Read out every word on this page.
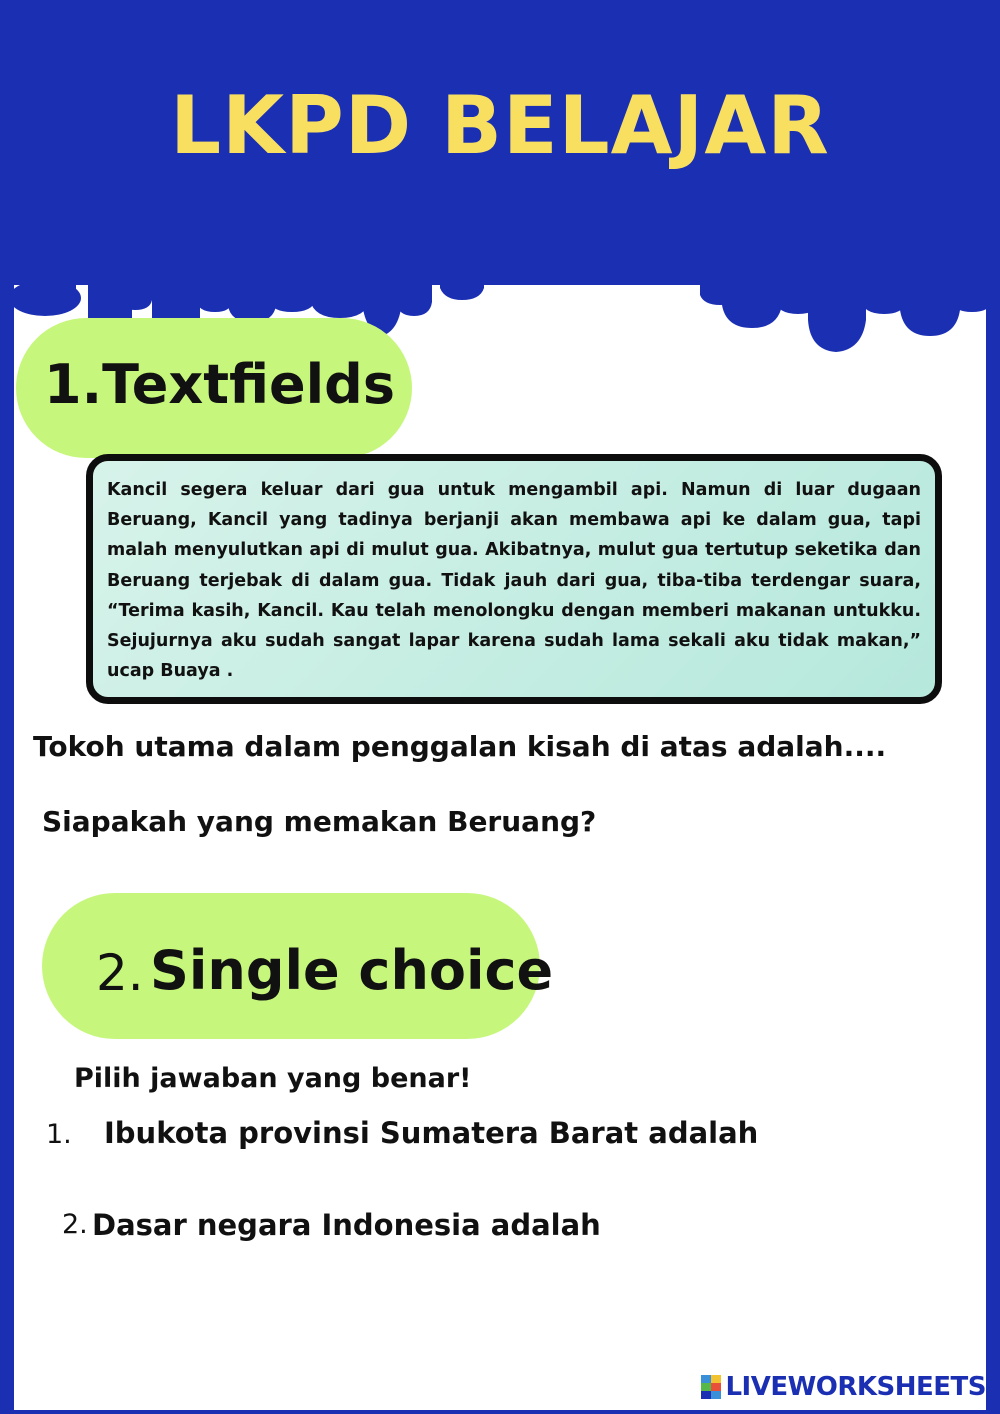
LKPD BELAJAR
1.Textfields

Kancil segera keluar dari gua untuk mengambil api. Namun di luar dugaan Beruang, Kancil yang tadinya berjanji akan membawa api ke dalam gua, tapi malah menyulutkan api di mulut gua. Akibatnya, mulut gua tertutup seketika dan Beruang terjebak di dalam gua. Tidak jauh dari gua, tiba-tiba terdengar suara, “Terima kasih, Kancil. Kau telah menolongku dengan memberi makanan untukku. Sejujurnya aku sudah sangat lapar karena sudah lama sekali aku tidak makan,” ucap Buaya .

Tokoh utama dalam penggalan kisah di atas adalah....

Siapakah yang memakan Beruang?

2. Single choice

Pilih jawaban yang benar!

1. Ibukota provinsi Sumatera Barat adalah
2. Dasar negara Indonesia adalah
LIVEWORKSHEETS
